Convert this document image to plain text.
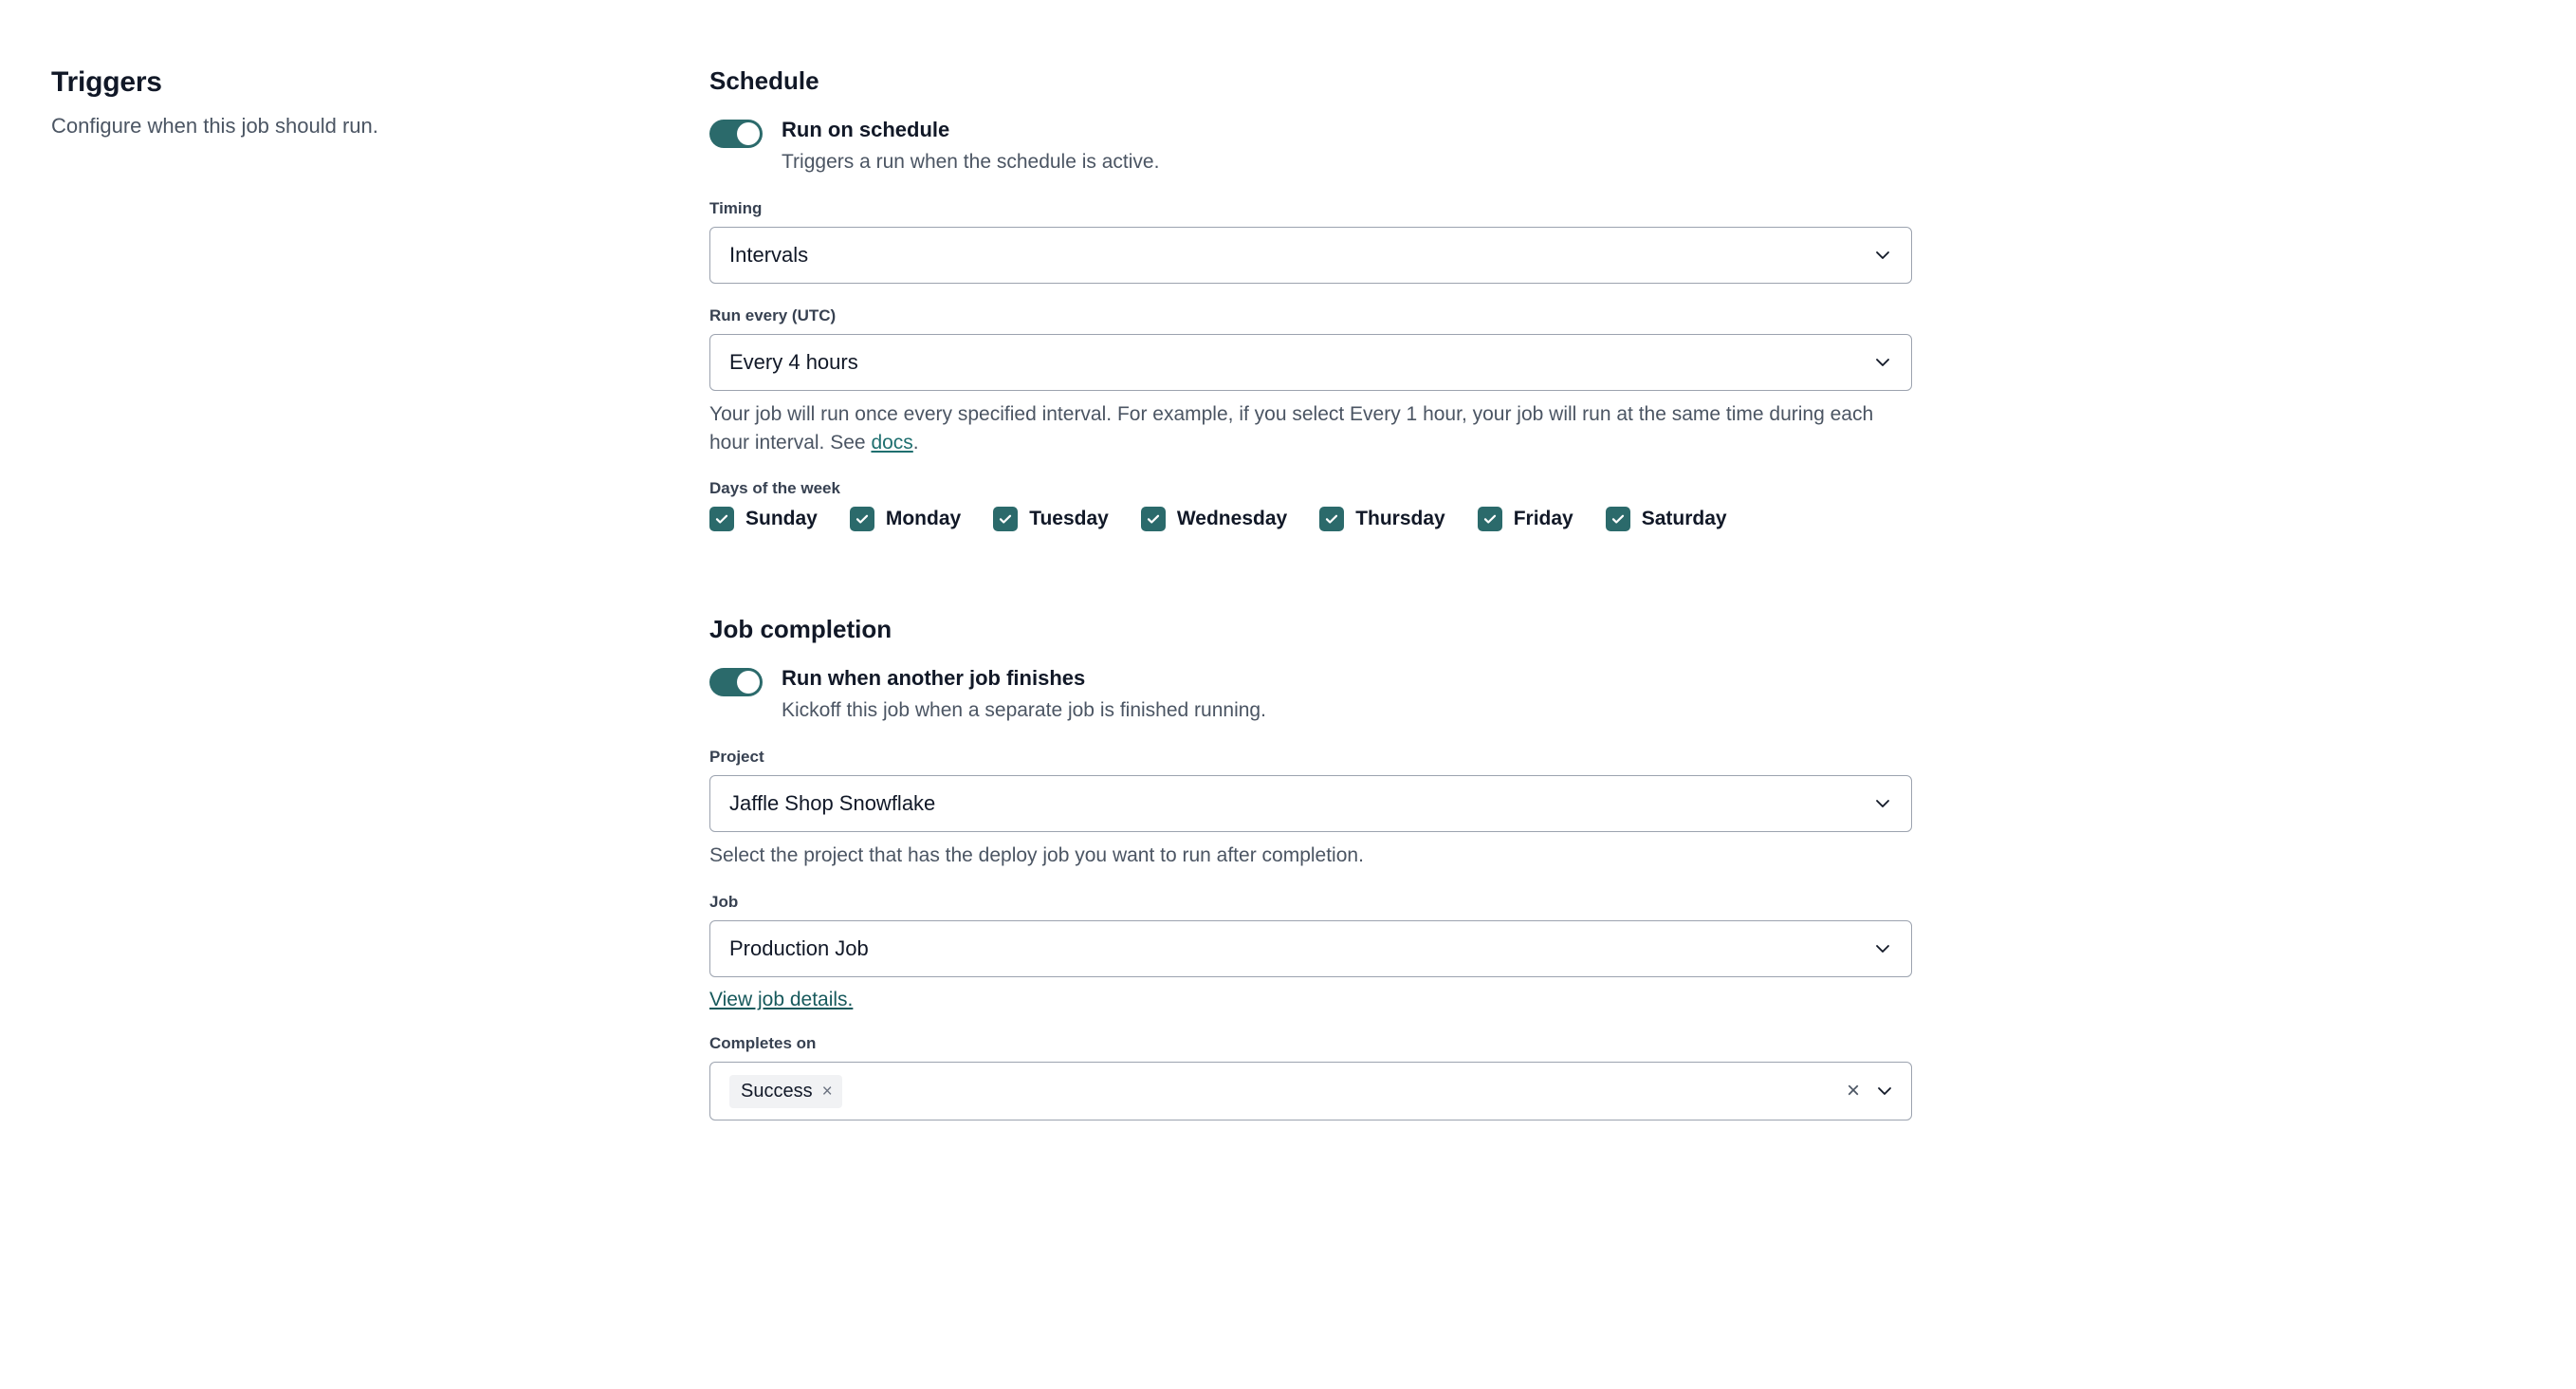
Triggers

Configure when this job should run.

Schedule
Run on schedule
Triggers a run when the schedule is active.
Timing
Intervals
Run every (UTC)
Every 4 hours

Your job will run once every specified interval. For example, if you select Every 1 hour, your job will run at the same time during each hour interval. See docs.

Days of the week
Sunday	Monday	Tuesday	Wednesday	Thursday	Friday	Saturday
Job completion
Run when another job finishes
Kickoff this job when a separate job is finished running.
Project
Jaffle Shop Snowflake

Select the project that has the deploy job you want to run after completion.

Job
Production Job
View job details.
Completes on
Success ×	×
